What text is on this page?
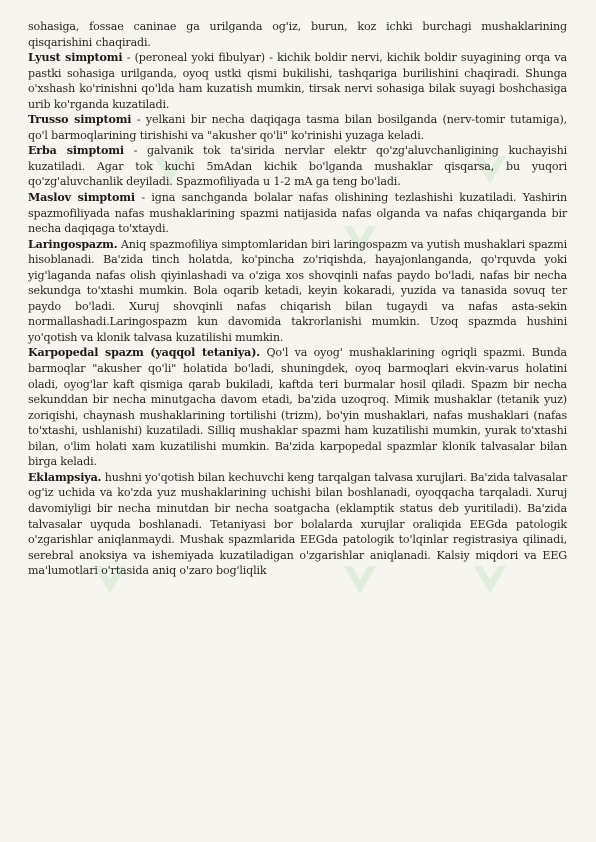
sohasiga, fossae caninae ga urilganda og'iz, burun, koz ichki burchagi mushaklarining qisqarishini chaqiradi.

Lyust simptomi - (peroneal yoki fibulyar) - kichik boldir nervi, kichik boldir suyagining orqa va pastki sohasiga urilganda, oyoq ustki qismi bukilishi, tashqariga burilishini chaqiradi. Shunga o'xshash ko'rinishni qo'lda ham kuzatish mumkin, tirsak nervi sohasiga bilak suyagi boshchasiga urib ko'rganda kuzatiladi.

Trusso simptomi - yelkani bir necha daqiqaga tasma bilan bosilganda (nerv-tomir tutamiga), qo'l barmoqlarining tirishishi va "akusher qo'li" ko'rinishi yuzaga keladi.

Erba simptomi - galvanik tok ta'sirida nervlar elektr qo'zg'aluvchanligining kuchayishi kuzatiladi. Agar tok kuchi 5mAdan kichik bo'lganda mushaklar qisqarsa, bu yuqori qo'zg'aluvchanlik deyiladi. Spazmofiliyada u 1-2 mA ga teng bo'ladi.

Maslov simptomi - igna sanchganda bolalar nafas olishining tezlashishi kuzatiladi. Yashirin spazmofiliyada nafas mushaklarining spazmi natijasida nafas olganda va nafas chiqarganda bir necha daqiqaga to'xtaydi.

Laringospazm. Aniq spazmofiliya simptomlaridan biri laringospazm va yutish mushaklari spazmi hisoblanadi. Ba'zida tinch holatda, ko'pincha zo'riqishda, hayajonlanganda, qo'rquvda yoki yig'laganda nafas olish qiyinlashadi va o'ziga xos shovqinli nafas paydo bo'ladi, nafas bir necha sekundga to'xtashi mumkin. Bola oqarib ketadi, keyin kokaradi, yuzida va tanasida sovuq ter paydo bo'ladi. Xuruj shovqinli nafas chiqarish bilan tugaydi va nafas asta-sekin normallashadi.Laringospazm kun davomida takrorlanishi mumkin. Uzoq spazmda hushini yo'qotish va klonik talvasa kuzatilishi mumkin.

Karpopedal spazm (yaqqol tetaniya). Qo'l va oyog' mushaklarining ogriqli spazmi. Bunda barmoqlar "akusher qo'li" holatida bo'ladi, shuningdek, oyoq barmoqlari ekvin-varus holatini oladi, oyog'lar kaft qismiga qarab bukiladi, kaftda teri burmalar hosil qiladi. Spazm bir necha sekunddan bir necha minutgacha davom etadi, ba'zida uzoqroq. Mimik mushaklar (tetanik yuz) zoriqishi, chaynash mushaklarining tortilishi (trizm), bo'yin mushaklari, nafas mushaklari (nafas to'xtashi, ushlanishi) kuzatiladi. Silliq mushaklar spazmi ham kuzatilishi mumkin, yurak to'xtashi bilan, o'lim holati xam kuzatilishi mumkin. Ba'zida karpopedal spazmlar klonik talvasalar bilan birga keladi.

Eklampsiya. hushni yo'qotish bilan kechuvchi keng tarqalgan talvasa xurujlari. Ba'zida talvasalar og'iz uchida va ko'zda yuz mushaklarining uchishi bilan boshlanadi, oyoqqacha tarqaladi. Xuruj davomiyligi bir necha minutdan bir necha soatgacha (eklamptik status deb yuritiladi). Ba'zida talvasalar uyquda boshlanadi. Tetaniyasi bor bolalarda xurujlar oraliqida EEGda patologik o'zgarishlar aniqlanmaydi. Mushak spazmlarida EEGda patologik to'lqinlar registrasiya qilinadi, serebral anoksiya va ishemiyada kuzatiladigan o'zgarishlar aniqlanadi. Kalsiy miqdori va EEG ma'lumotlari o'rtasida aniq o'zaro bog'liqlik
